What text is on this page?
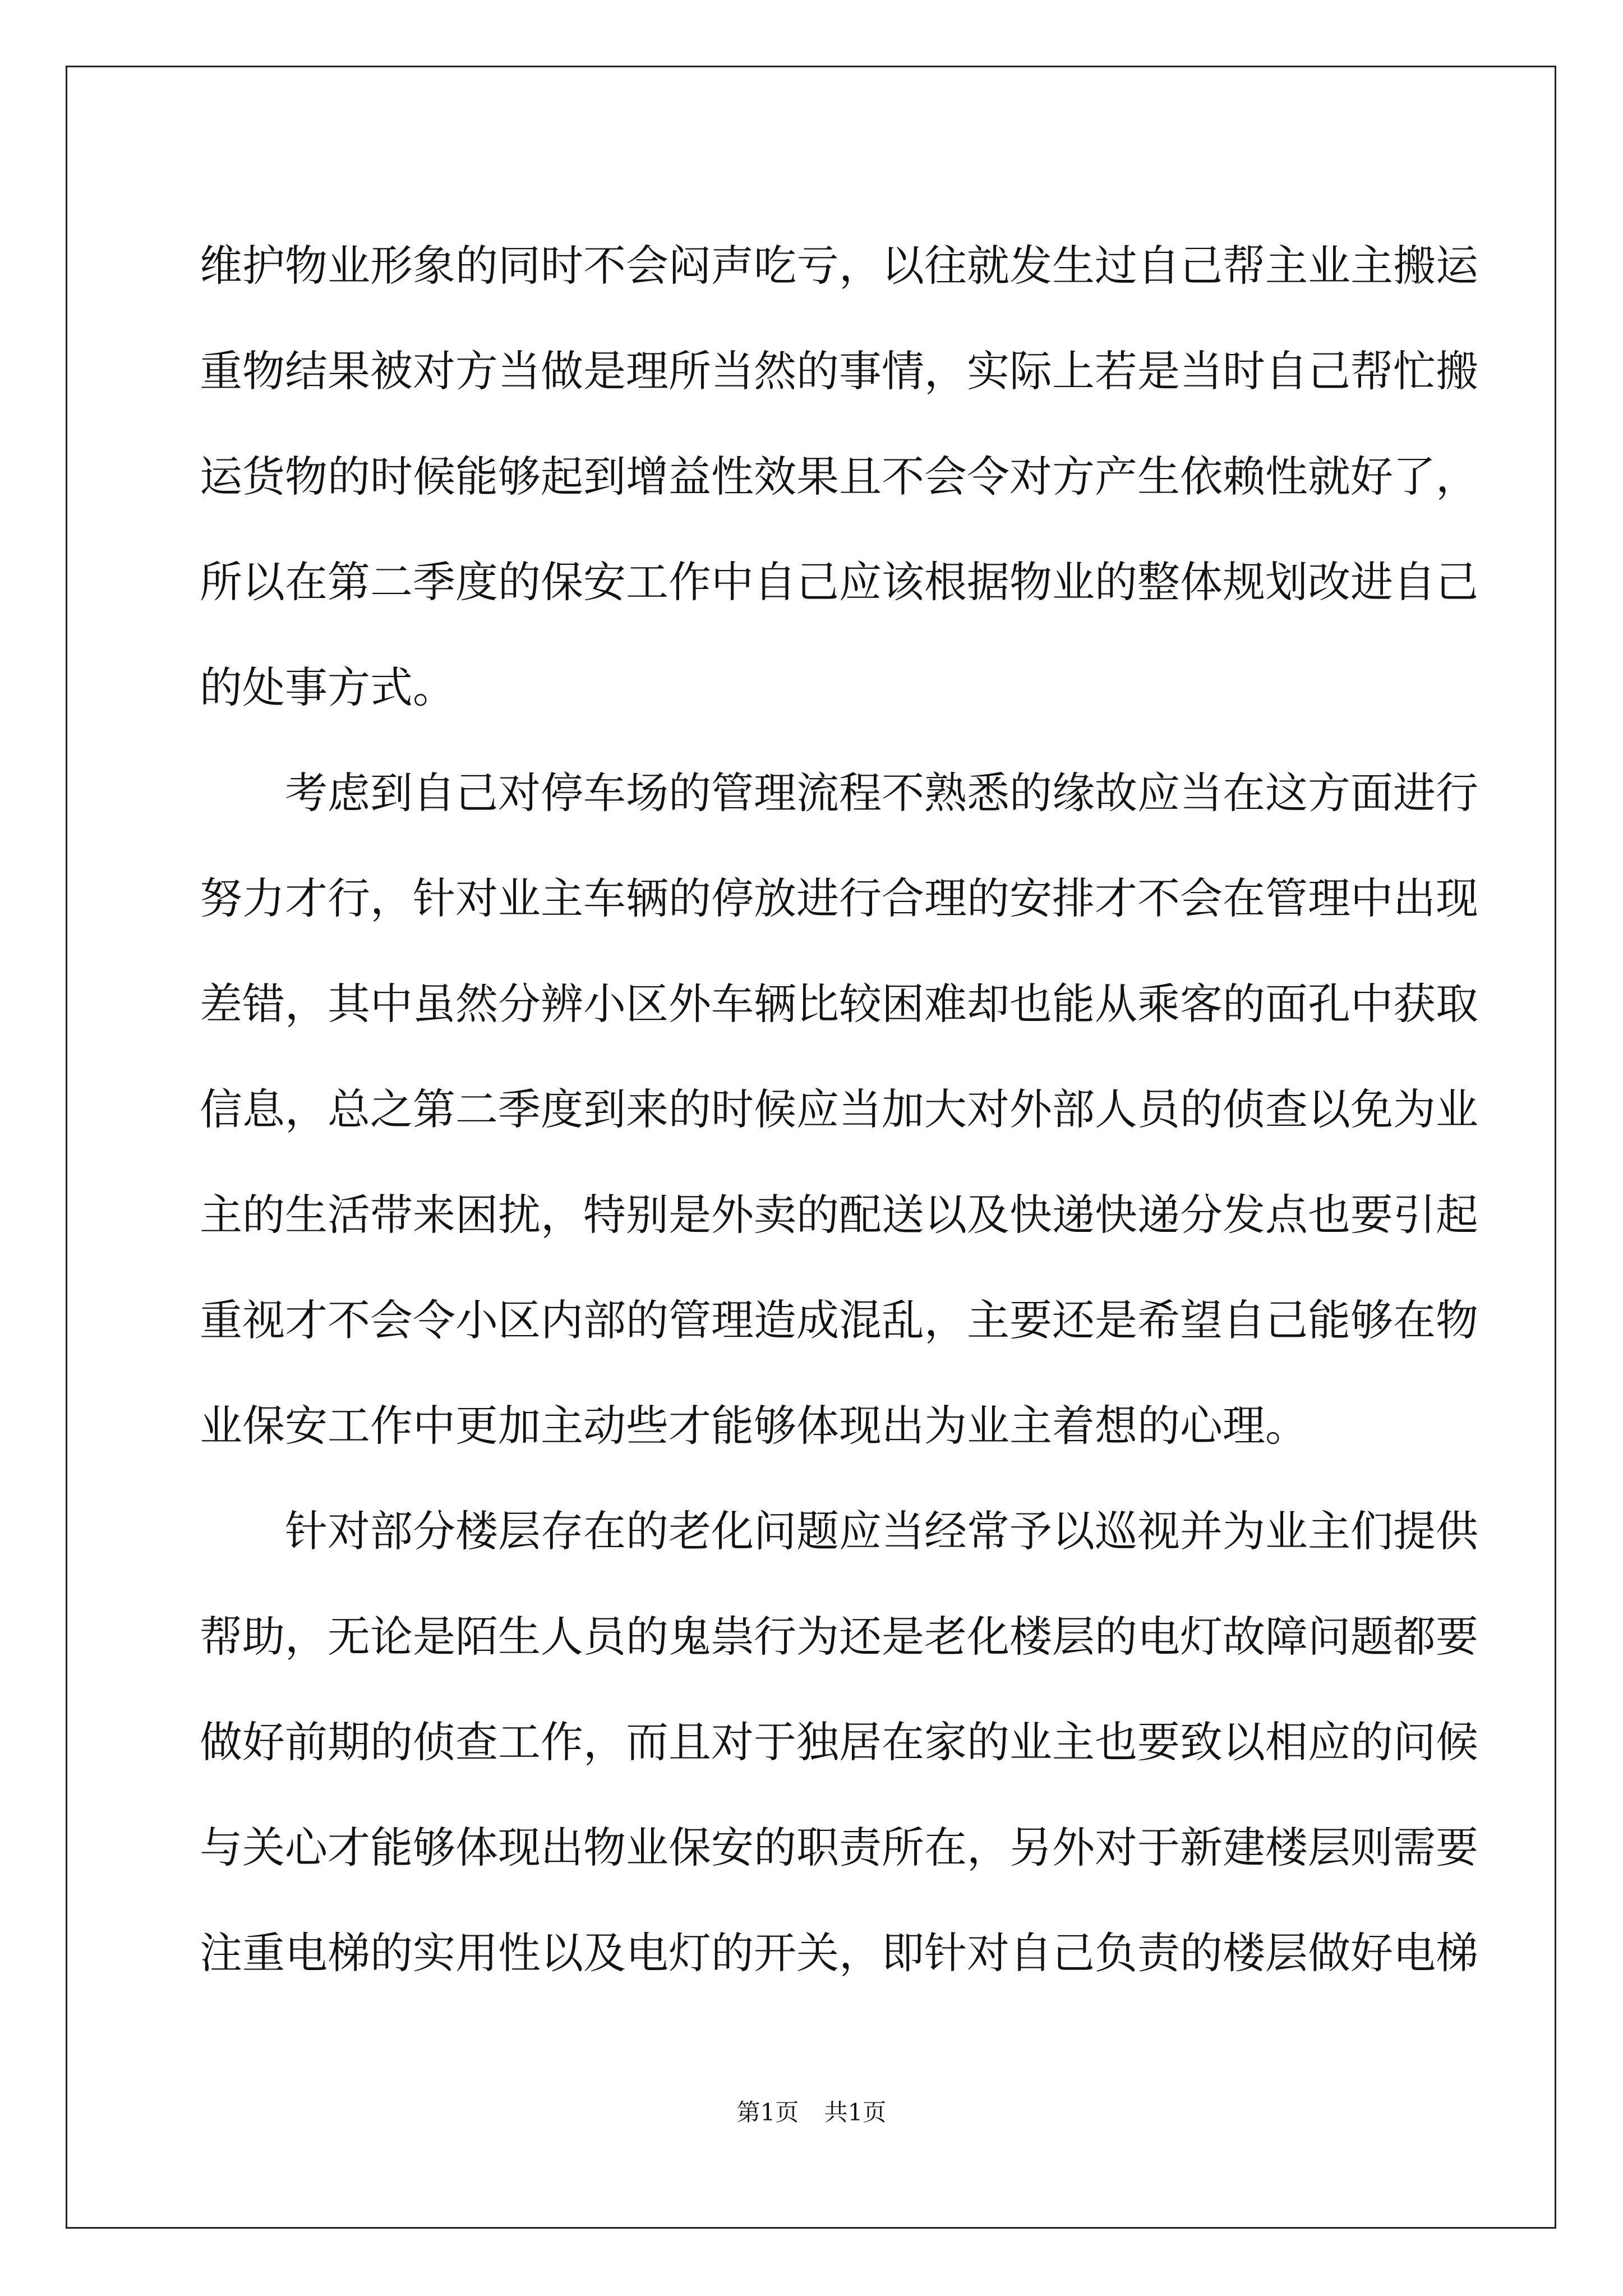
维护物业形象的同时不会闷声吃亏，以往就发生过自己帮主业主搬运
重物结果被对方当做是理所当然的事情，实际上若是当时自己帮忙搬
运货物的时候能够起到增益性效果且不会令对方产生依赖性就好了，
所以在第二季度的保安工作中自己应该根据物业的整体规划改进自己
的处事方式。
考虑到自己对停车场的管理流程不熟悉的缘故应当在这方面进行
努力才行，针对业主车辆的停放进行合理的安排才不会在管理中出现
差错，其中虽然分辨小区外车辆比较困难却也能从乘客的面孔中获取
信息，总之第二季度到来的时候应当加大对外部人员的侦查以免为业
主的生活带来困扰，特别是外卖的配送以及快递快递分发点也要引起
重视才不会令小区内部的管理造成混乱，主要还是希望自己能够在物
业保安工作中更加主动些才能够体现出为业主着想的心理。
针对部分楼层存在的老化问题应当经常予以巡视并为业主们提供
帮助，无论是陌生人员的鬼祟行为还是老化楼层的电灯故障问题都要
做好前期的侦查工作，而且对于独居在家的业主也要致以相应的问候
与关心才能够体现出物业保安的职责所在，另外对于新建楼层则需要
注重电梯的实用性以及电灯的开关，即针对自己负责的楼层做好电梯
第1页 共1页
